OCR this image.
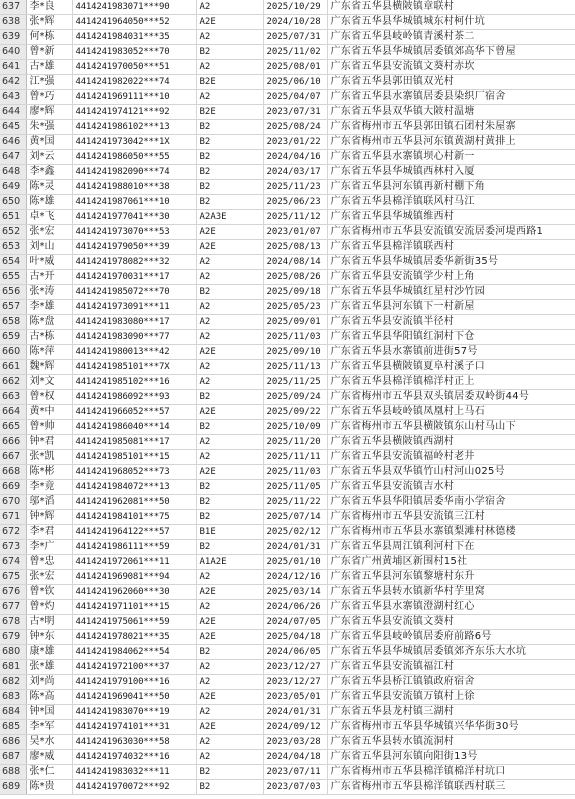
637	李*良	4414241983071***90	A2	2025/10/29	广东省五华县横陂镇章联村
638	张*辉	4414241964050***52	A2E	2024/10/28	广东省五华县华城镇城东村柯什坑
639	何*栋	4414241984031***35	A2	2025/07/31	广东省五华县岐岭镇青溪村茶二
640	曾*新	4414241983052***70	B2	2025/11/02	广东省五华县华城镇居委镇郊高华下曾屋
641	古*雄	4414241970050***51	A2	2025/08/01	广东省五华县安流镇文葵村赤坎
642	江*强	4414241982022***74	B2E	2025/06/10	广东省五华县郭田镇双光村
643	曾*巧	4414241969111***10	A2	2025/04/07	广东省五华县水寨镇居委县染织厂宿舍
644	廖*辉	4414241974121***92	B2E	2023/07/31	广东省五华县双华镇大陂村温塘
645	朱*强	4414241986102***13	B2	2025/08/24	广东省梅州市五华县郭田镇石团村朱屋寨
646	黄*国	4414241973042***1X	B2	2023/01/22	广东省梅州市五华县河东镇黄湖村黄排上
647	刘*云	4414241986050***55	B2	2024/04/16	广东省五华县水寨镇坝心村新一
648	李*鑫	4414241982090***74	B2	2024/03/17	广东省五华县华城镇西林村入厦
649	陈*灵	4414241988010***38	B2	2025/11/23	广东省五华县河东镇再新村棚下角
650	陈*雄	4414241987061***10	B2	2025/06/23	广东省五华县棉洋镇联风村马江
651	卓*飞	4414241977041***30	A2A3E	2025/11/12	广东省五华县华城镇维西村
652	张*宏	4414241973070***53	A2E	2023/01/07	广东省梅州市五华县安流镇安流居委河堤西路1
653	刘*山	4414241979050***39	A2E	2025/08/13	广东省五华县棉洋镇联西村
654	叶*威	4414241978082***32	A2	2024/08/14	广东省五华县华城镇居委华新街35号
655	古*开	4414241970031***17	A2	2025/08/26	广东省五华县安流镇学少村上角
656	张*涛	4414241985072***70	B2	2025/09/18	广东省五华县华城镇红星村沙竹园
657	李*雄	4414241973091***11	A2	2025/05/23	广东省五华县河东镇下一村新屋
658	陈*盘	4414241983080***17	A2	2025/09/01	广东省五华县安流镇半径村
659	古*栋	4414241983090***77	A2	2025/11/03	广东省五华县华阳镇红洞村下仓
660	陈*萍	4414241980013***42	A2E	2025/09/10	广东省五华县水寨镇前进街57号
661	魏*辉	4414241985101***7X	A2	2025/11/13	广东省五华县横陂镇夏阜村溪子口
662	刘*文	4414241985102***16	A2	2025/11/25	广东省五华县棉洋镇棉洋村正上
663	曾*权	4414241986092***93	B2	2025/09/24	广东省梅州市五华县双头镇居委双岭街44号
664	黄*中	4414241966052***57	A2E	2025/09/22	广东省五华县岐岭镇凤凰村上马石
665	曾*帅	4414241986040***14	B2	2025/10/09	广东省梅州市五华县横陂镇东山村马山下
666	钟*君	4414241985081***17	A2	2025/11/20	广东省五华县横陂镇西湖村
667	张*凯	4414241985101***15	A2	2025/11/11	广东省五华县安流镇福岭村老井
668	陈*彬	4414241968052***73	A2E	2025/11/03	广东省五华县双华镇竹山村河山025号
669	李*竟	4414241984072***13	B2	2025/11/05	广东省五华县安流镇吉水村
670	邬*滔	4414241962081***50	B2	2025/11/22	广东省五华县华阳镇居委华南小学宿舍
671	钟*辉	4414241984101***75	B2	2025/07/14	广东省梅州市五华县安流镇三江村
672	李*君	4414241964122***57	B1E	2025/02/12	广东省梅州市五华县水寨镇梨滩村林德楼
673	李*广	4414241986111***59	B2	2024/01/31	广东省五华县周江镇利河村下在
674	曾*忠	4414241972061***11	A1A2E	2025/01/10	广东省广州黄埔区新围村15社
675	张*宏	4414241969081***94	A2	2024/12/16	广东省五华县河东镇黎塘村东升
676	曾*钦	4414241962060***30	A2E	2025/03/14	广东省五华县转水镇新华村芋里窝
677	曾*灼	4414241971101***15	A2	2024/06/26	广东省五华县水寨镇澄湖村红心
678	古*明	4414241975061***59	A2E	2024/07/05	广东省五华县安流镇文葵村
679	钟*东	4414241978021***35	A2E	2025/04/18	广东省五华县岐岭镇居委府前路6号
680	康*雄	4414241984062***54	B2	2024/06/05	广东省五华县华城镇居委镇郊齐东乐大水坑
681	张*雄	4414241972100***37	A2	2023/12/27	广东省五华县安流镇福江村
682	刘*尚	4414241979100***16	A2	2023/12/27	广东省五华县桥江镇镇政府宿舍
683	陈*高	4414241969041***50	A2E	2023/05/01	广东省五华县安流镇万镇村上徐
684	钟*国	4414241983070***19	A2	2024/01/31	广东省五华县龙村镇三湖村
685	李*军	4414241974101***31	A2E	2024/09/12	广东省梅州市五华县华城镇兴华华街30号
686	吴*水	4414241963030***58	A2	2023/03/28	广东省五华县转水镇流洞村
687	廖*威	4414241974032***16	A2	2024/04/18	广东省五华县河东镇向阳街13号
688	张*仁	4414241983032***11	B2	2023/07/11	广东省梅州市五华县棉洋镇棉洋村坑口
689	陈*贵	4414241970072***92	B2	2023/07/03	广东省梅州市五华县棉洋镇联西村联三
